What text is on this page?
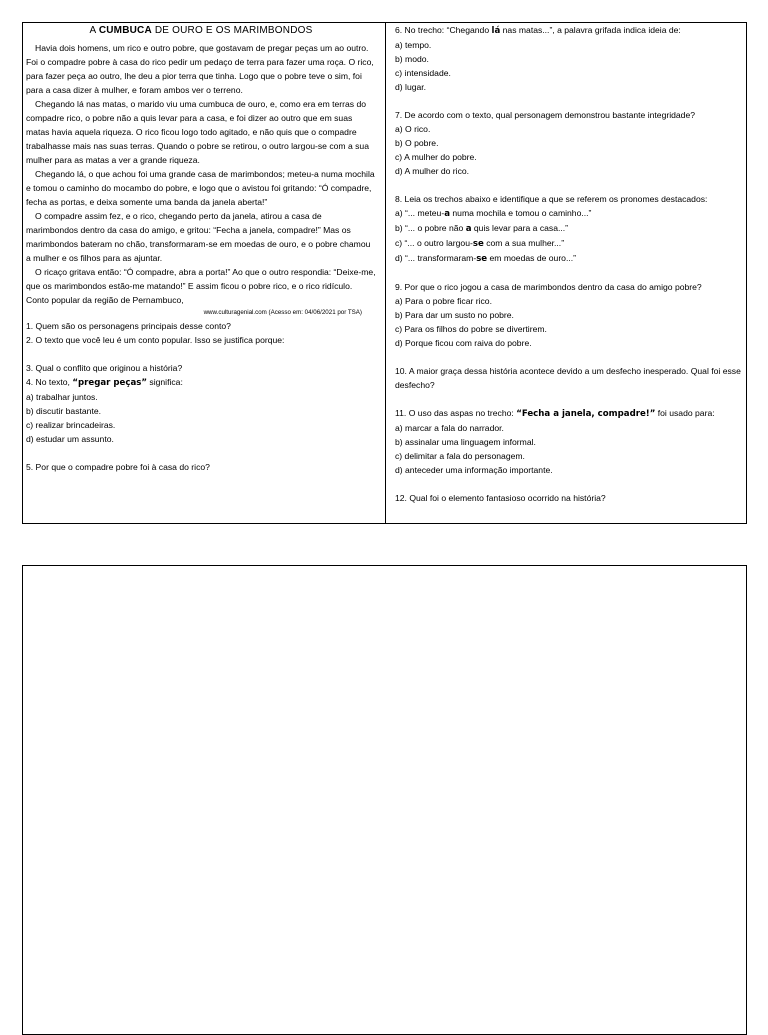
A CUMBUCA DE OURO E OS MARIMBONDOS

Havia dois homens, um rico e outro pobre, que gostavam de pregar peças um ao outro. Foi o compadre pobre à casa do rico pedir um pedaço de terra para fazer uma roça. O rico, para fazer peça ao outro, lhe deu a pior terra que tinha. Logo que o pobre teve o sim, foi para a casa dizer à mulher, e foram ambos ver o terreno.

Chegando lá nas matas, o marido viu uma cumbuca de ouro, e, como era em terras do compadre rico, o pobre não a quis levar para a casa, e foi dizer ao outro que em suas matas havia aquela riqueza. O rico ficou logo todo agitado, e não quis que o compadre trabalhasse mais nas suas terras. Quando o pobre se retirou, o outro largou-se com a sua mulher para as matas a ver a grande riqueza.

Chegando lá, o que achou foi uma grande casa de marimbondos; meteu-a numa mochila e tomou o caminho do mocambo do pobre, e logo que o avistou foi gritando: “Ó compadre, fecha as portas, e deixa somente uma banda da janela aberta!”

O compadre assim fez, e o rico, chegando perto da janela, atirou a casa de marimbondos dentro da casa do amigo, e gritou: “Fecha a janela, compadre!” Mas os marimbondos bateram no chão, transformaram-se em moedas de ouro, e o pobre chamou a mulher e os filhos para as ajuntar.

O ricaço gritava então: “Ó compadre, abra a porta!” Ao que o outro respondia: “Deixe-me, que os marimbondos estão-me matando!” E assim ficou o pobre rico, e o rico ridículo.

Conto popular da região de Pernambuco,

www.culturagenial.com (Acesso em: 04/06/2021 por TSA)

1. Quem são os personagens principais desse conto?

2. O texto que você leu é um conto popular. Isso se justifica porque:

3. Qual o conflito que originou a história?

4. No texto, “pregar peças” significa:

a) trabalhar juntos.

b) discutir bastante.

c) realizar brincadeiras.

d) estudar um assunto.

5. Por que o compadre pobre foi à casa do rico?

6. No trecho: “Chegando lá nas matas...”, a palavra grifada indica ideia de:

a) tempo.

b) modo.

c) intensidade.

d) lugar.

7. De acordo com o texto, qual personagem demonstrou bastante integridade?

a) O rico.

b) O pobre.

c) A mulher do pobre.

d) A mulher do rico.

8. Leia os trechos abaixo e identifique a que se referem os pronomes destacados:

a) “... meteu-a numa mochila e tomou o caminho...”

b) “... o pobre não a quis levar para a casa...”

c) “... o outro largou-se com a sua mulher...”

d) “... transformaram-se em moedas de ouro...”

9. Por que o rico jogou a casa de marimbondos dentro da casa do amigo pobre?

a) Para o pobre ficar rico.

b) Para dar um susto no pobre.

c) Para os filhos do pobre se divertirem.

d) Porque ficou com raiva do pobre.

10. A maior graça dessa história acontece devido a um desfecho inesperado. Qual foi esse desfecho?

11. O uso das aspas no trecho: “Fecha a janela, compadre!” foi usado para:

a) marcar a fala do narrador.

b) assinalar uma linguagem informal.

c) delimitar a fala do personagem.

d) anteceder uma informação importante.

12. Qual foi o elemento fantasioso ocorrido na história?
